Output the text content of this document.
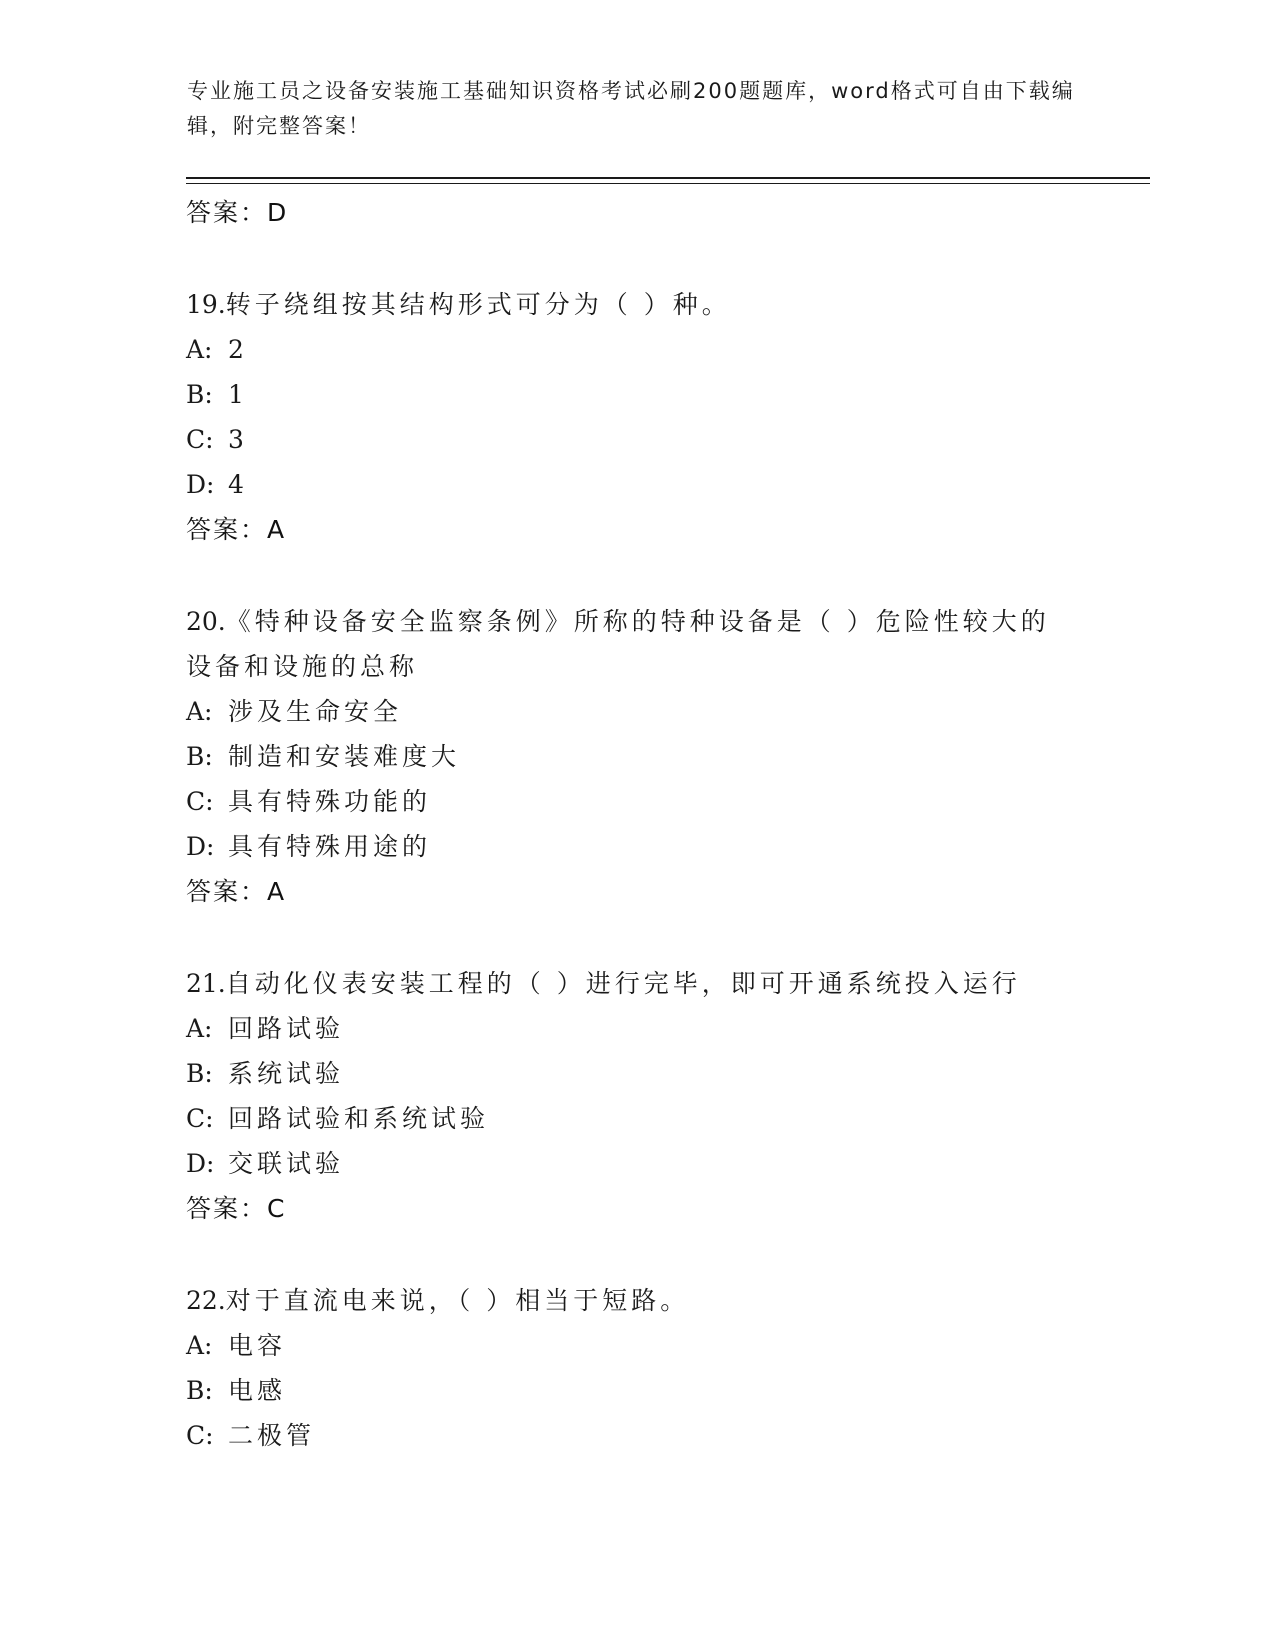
专业施工员之设备安装施工基础知识资格考试必刷200题题库，word格式可自由下载编辑，附完整答案！
答案：D
19.转子绕组按其结构形式可分为（ ）种。
A: 2
B: 1
C: 3
D: 4
答案：A
20.《特种设备安全监察条例》所称的特种设备是（ ）危险性较大的
设备和设施的总称
A: 涉及生命安全
B: 制造和安装难度大
C: 具有特殊功能的
D: 具有特殊用途的
答案：A
21.自动化仪表安装工程的（ ）进行完毕，即可开通系统投入运行
A: 回路试验
B: 系统试验
C: 回路试验和系统试验
D: 交联试验
答案：C
22.对于直流电来说，（ ）相当于短路。
A: 电容
B: 电感
C: 二极管
